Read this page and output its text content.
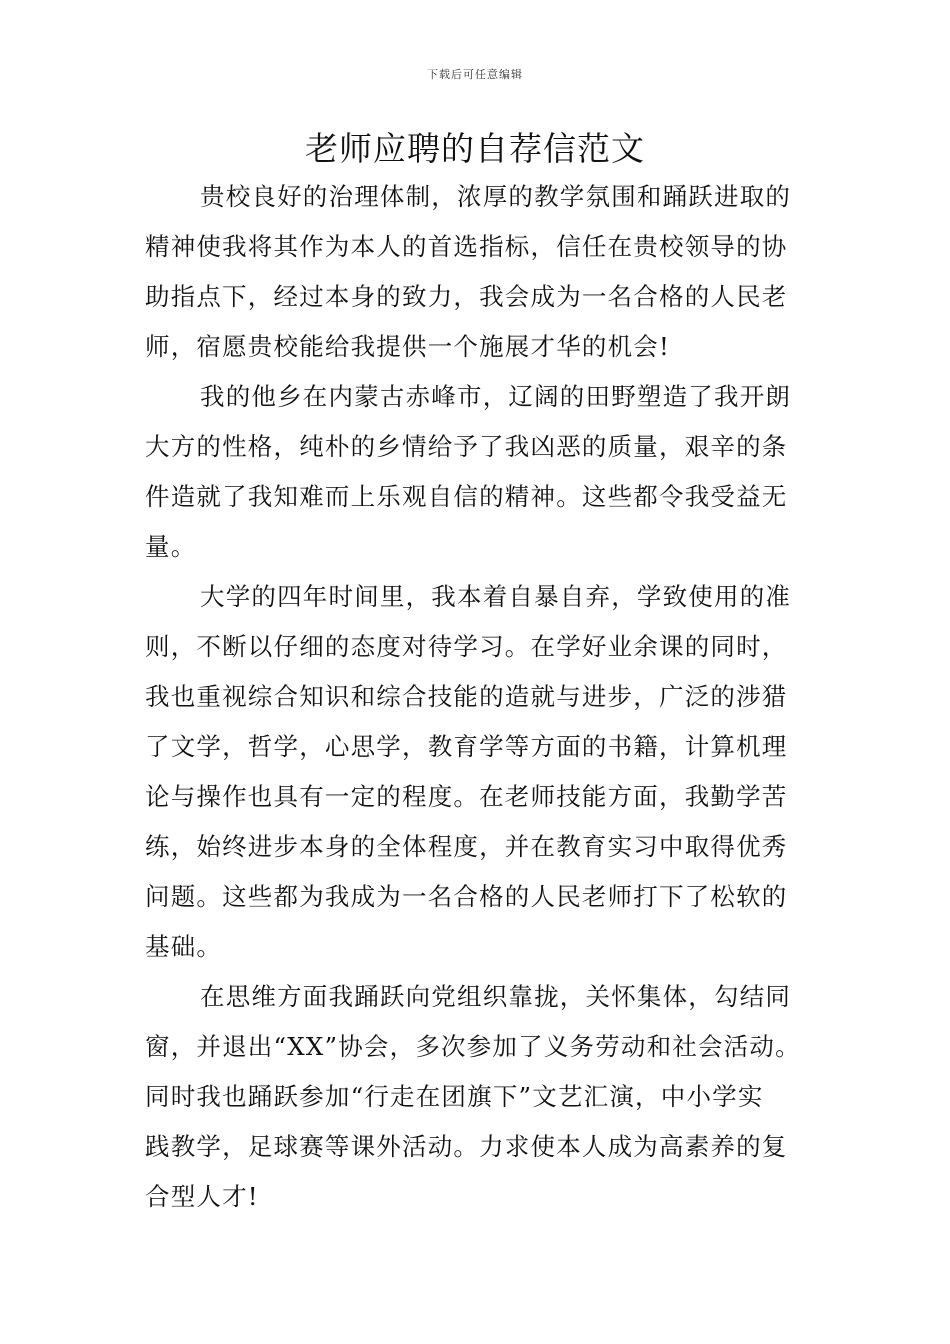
下载后可任意编辑
老师应聘的自荐信范文
贵校良好的治理体制，浓厚的教学氛围和踊跃进取的
精神使我将其作为本人的首选指标，信任在贵校领导的协
助指点下，经过本身的致力，我会成为一名合格的人民老
师，宿愿贵校能给我提供一个施展才华的机会!
我的他乡在内蒙古赤峰市，辽阔的田野塑造了我开朗
大方的性格，纯朴的乡情给予了我凶恶的质量，艰辛的条
件造就了我知难而上乐观自信的精神。这些都令我受益无
量。
大学的四年时间里，我本着自暴自弃，学致使用的准
则，不断以仔细的态度对待学习。在学好业余课的同时，
我也重视综合知识和综合技能的造就与进步，广泛的涉猎
了文学，哲学，心思学，教育学等方面的书籍，计算机理
论与操作也具有一定的程度。在老师技能方面，我勤学苦
练，始终进步本身的全体程度，并在教育实习中取得优秀
问题。这些都为我成为一名合格的人民老师打下了松软的
基础。
在思维方面我踊跃向党组织靠拢，关怀集体，勾结同
窗，并退出“XX”协会，多次参加了义务劳动和社会活动。
同时我也踊跃参加“行走在团旗下”文艺汇演，中小学实
践教学，足球赛等课外活动。力求使本人成为高素养的复
合型人才!
